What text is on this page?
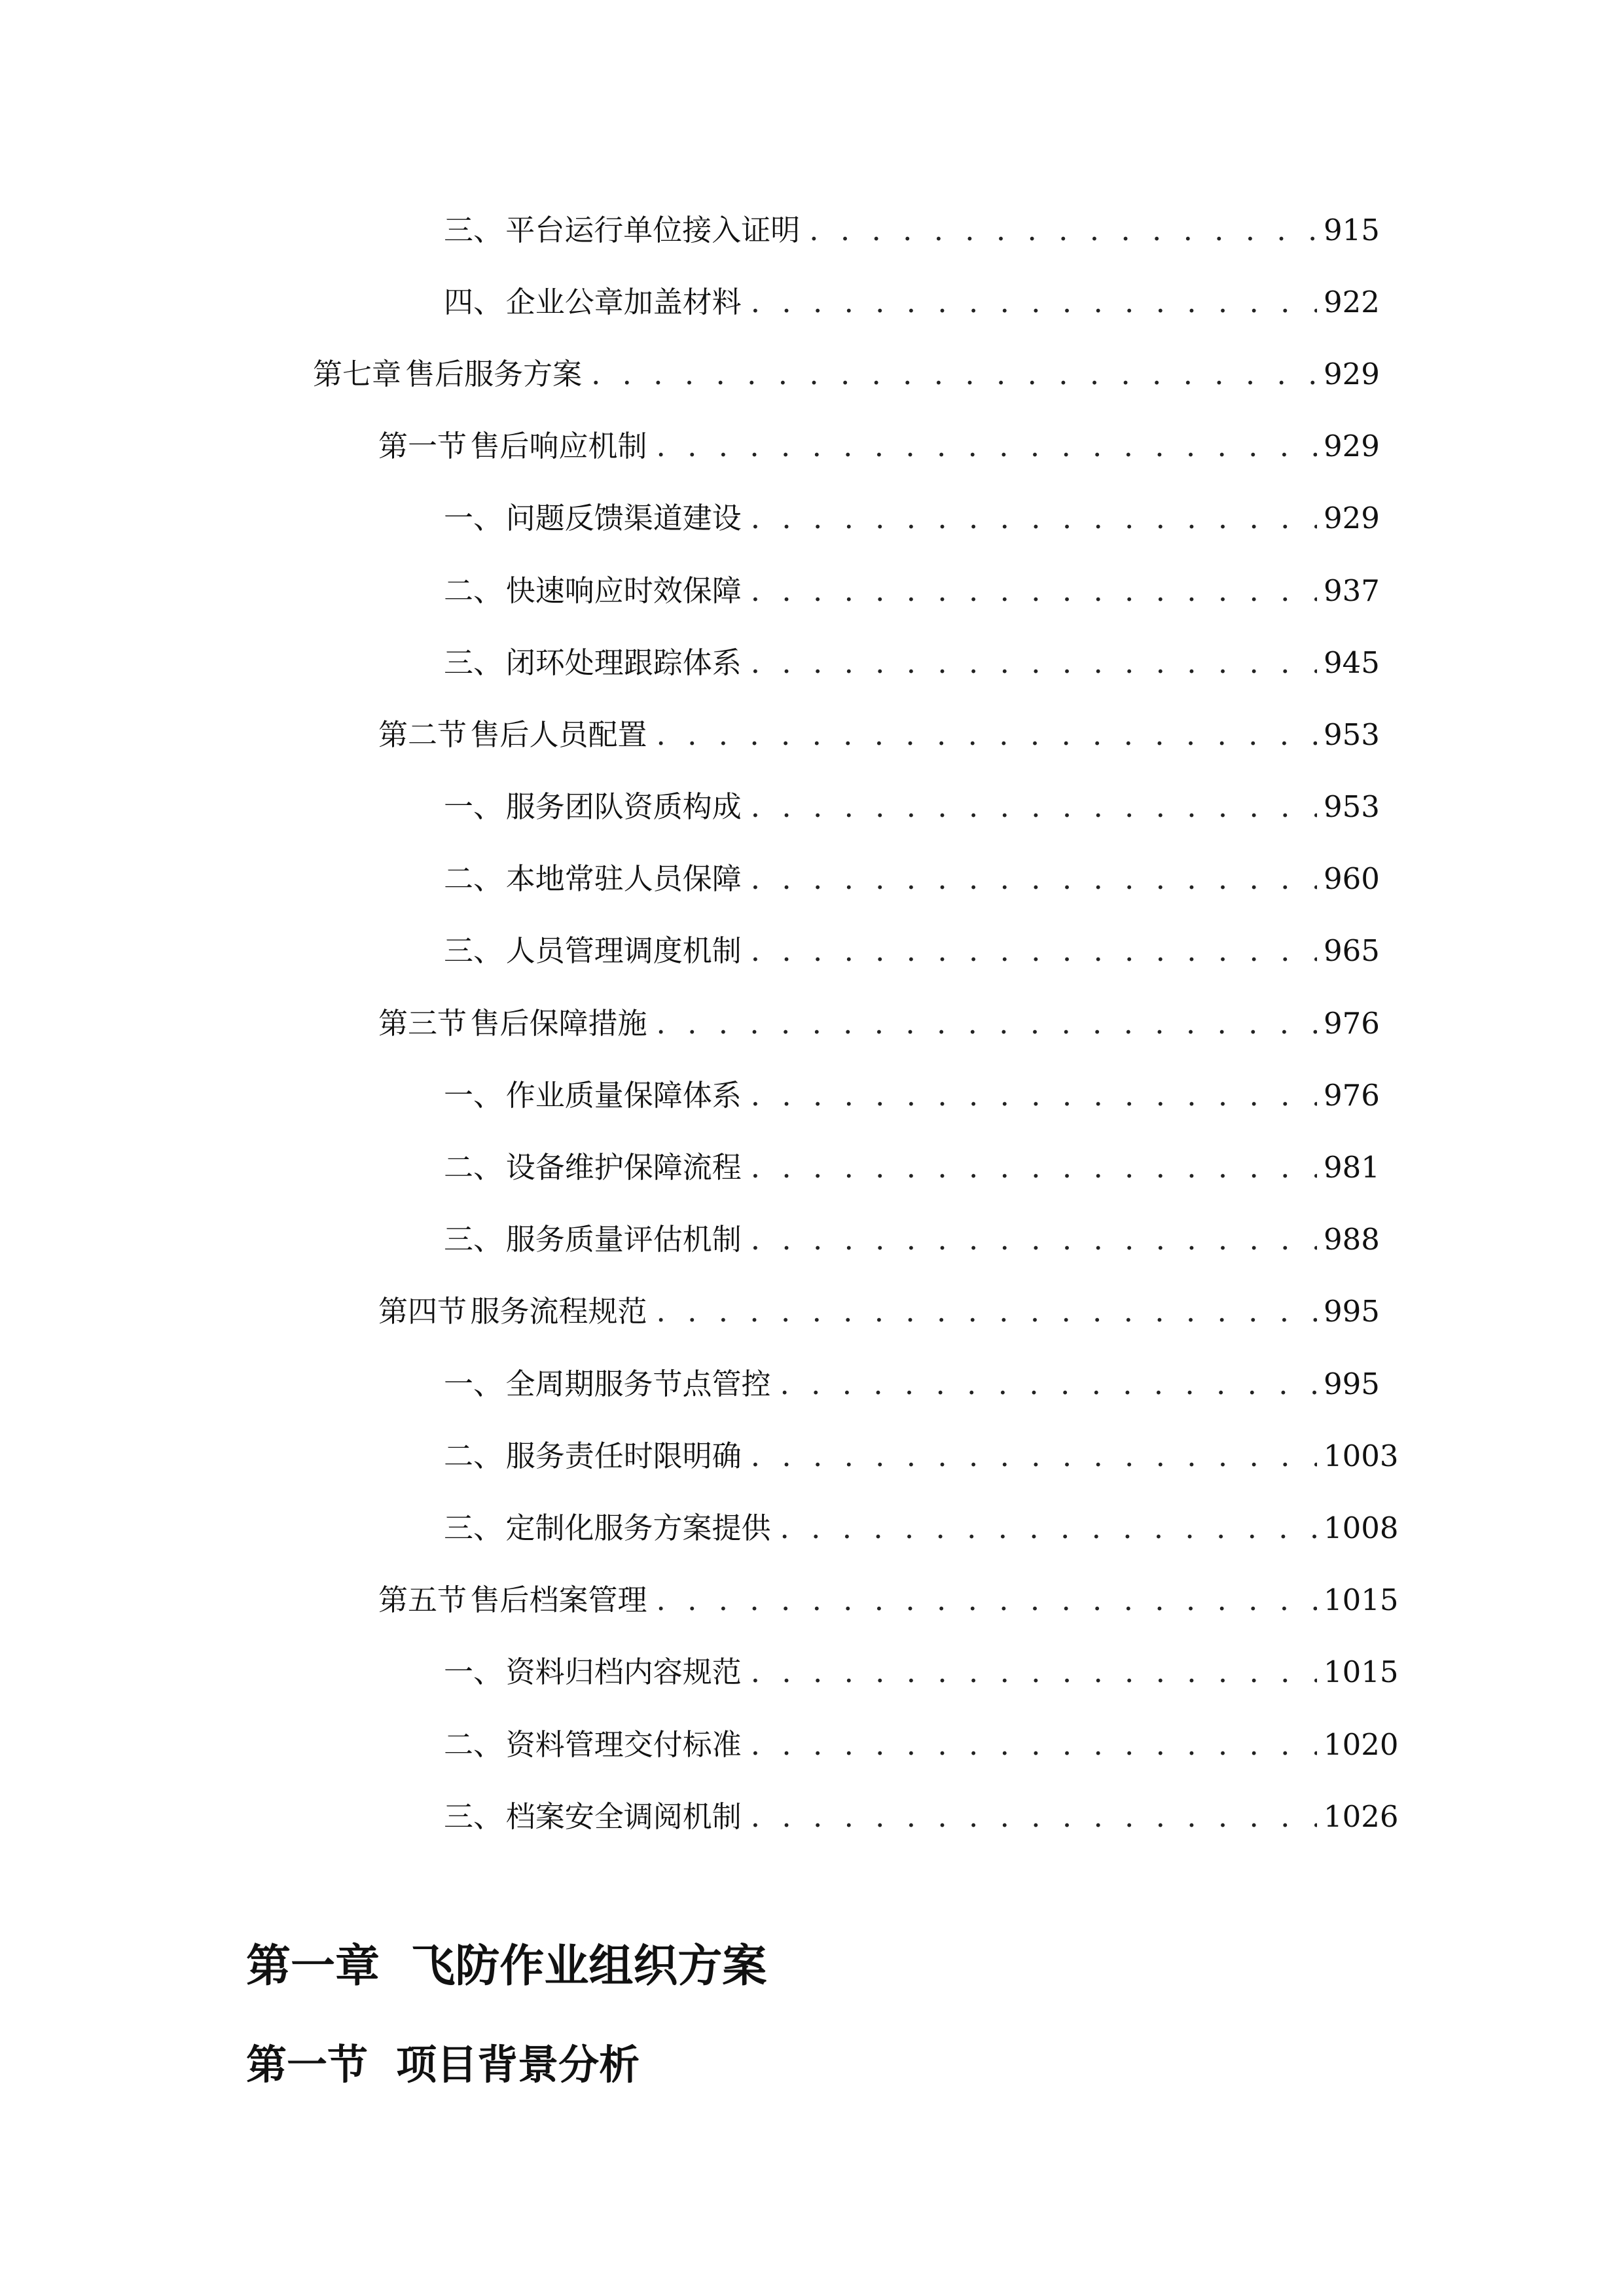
三、 平台运行单位接入证明 . . .	915
四、 企业公章加盖材料 . . .	922
第七章 售后服务方案 . . .	929
第一节 售后响应机制 . . .	929
一、 问题反馈渠道建设 . . .	929
二、 快速响应时效保障 . . .	937
三、 闭环处理跟踪体系 . . .	945
第二节 售后人员配置 . . .	953
一、 服务团队资质构成 . . .	953
二、 本地常驻人员保障 . . .	960
三、 人员管理调度机制 . . .	965
第三节 售后保障措施 . . .	976
一、 作业质量保障体系 . . .	976
二、 设备维护保障流程 . . .	981
三、 服务质量评估机制 . . .	988
第四节 服务流程规范 . . .	995
一、 全周期服务节点管控 . . .	995
二、 服务责任时限明确 . . .	1003
三、 定制化服务方案提供 . . .	1008
第五节 售后档案管理 . . .	1015
一、 资料归档内容规范 . . .	1015
二、 资料管理交付标准 . . .	1020
三、 档案安全调阅机制 . . .	1026
第一章  飞防作业组织方案
第一节  项目背景分析
